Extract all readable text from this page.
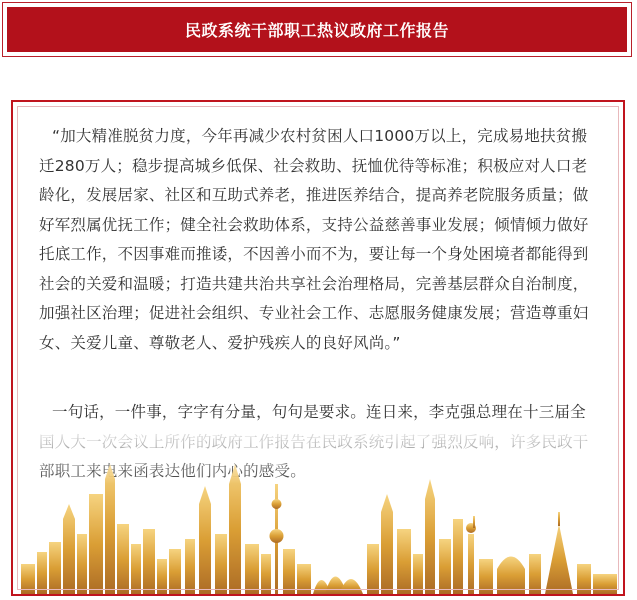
民政系统干部职工热议政府工作报告

“加大精准脱贫力度，今年再减少农村贫困人口1000万以上，完成易地扶贫搬迁280万人；稳步提高城乡低保、社会救助、抚恤优待等标准；积极应对人口老龄化，发展居家、社区和互助式养老，推进医养结合，提高养老院服务质量；做好军烈属优抚工作；健全社会救助体系，支持公益慈善事业发展；倾情倾力做好托底工作，不因事难而推诿，不因善小而不为，要让每一个身处困境者都能得到社会的关爱和温暖；打造共建共治共享社会治理格局，完善基层群众自治制度，加强社区治理；促进社会组织、专业社会工作、志愿服务健康发展；营造尊重妇女、关爱儿童、尊敬老人、爱护残疾人的良好风尚。”

一句话，一件事，字字有分量，句句是要求。连日来，李克强总理在十三届全
